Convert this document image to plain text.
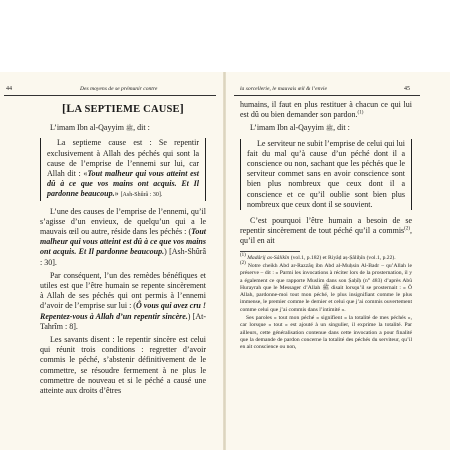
44	Des moyens de se prémunir contre
[LA SEPTIEME CAUSE]

L’imam Ibn al-Qayyim ﷺ, dit :

La septieme cause est : Se repentir exclusivement à Allah des péchés qui sont la cause de l’emprise de l’ennemi sur lui, car Allah dit : «Tout malheur qui vous atteint est dû à ce que vos mains ont acquis. Et Il pardonne beaucoup.» [Ash-Shûrâ : 30].

L’une des causes de l’emprise de l’ennemi, qu’il s’agisse d’un envieux, de quelqu’un qui a le mauvais œil ou autre, réside dans les péchés : (Tout malheur qui vous atteint est dû à ce que vos mains ont acquis. Et Il pardonne beaucoup.) [Ash-Shûrâ : 30].

Par conséquent, l’un des remèdes bénéfiques et utiles est que l’être humain se repente sincèrement à Allah de ses péchés qui ont permis à l’ennemi d’avoir de l’emprise sur lui : (Ô vous qui avez cru ! Repentez-vous à Allah d’un repentir sincère.) [At-Tahrîm : 8].

Les savants disent : le repentir sincère est celui qui réunit trois conditions : regretter d’avoir commis le péché, s’abstenir définitivement de le commettre, se résoudre fermement à ne plus le commettre de nouveau et si le péché a causé une atteinte aux droits d’êtres

la sorcellerie, le mauvais œil & l’envie	45

humains, il faut en plus restituer à chacun ce qui lui est dû ou bien demander son pardon.$^{(1)}$

L’imam Ibn al-Qayyim ﷺ, dit :

Le serviteur ne subit l’emprise de celui qui lui fait du mal qu’à cause d’un péché dont il a conscience ou non, sachant que les péchés que le serviteur commet sans en avoir conscience sont bien plus nombreux que ceux dont il a conscience et ce qu’il oublie sont bien plus nombreux que ceux dont il se souvient.

C’est pourquoi l’être humain a besoin de se repentir sincèrement de tout péché qu’il a commis$^{(2)}$, qu’il en ait

$^{(1)}$ Madârij as-Sâlikîn (vol.1, p.182) et Riyâḍ aṣ-Ṣâliḥîn (vol.1, p.22).

$^{(2)}$ Notre cheikh Abd ar-Razzâq ibn Abd al-Muḥsin Al-Badr – qu’Allah le préserve – dit : « Parmi les invocations à réciter lors de la prosternation, il y a également ce que rapporte Muslim dans son Ṣaḥîḥ (n° 483) d’après Abû Hurayrah que le Messager d’Allah ﷺ disait lorsqu’il se prosternait : « Ô Allah, pardonne-moi tout mon péché, le plus insignifiant comme le plus immense, le premier comme le dernier et celui que j’ai commis ouvertement comme celui que j’ai commis dans l’intimité ».

Ses paroles « tout mon péché » signifient « la totalité de mes péchés », car lorsque « tout » est ajouté à un singulier, il exprime la totalité. Par ailleurs, cette généralisation contenue dans cette invocation a pour finalité que la demande de pardon concerne la totalité des péchés du serviteur, qu’il en ait conscience ou non,
